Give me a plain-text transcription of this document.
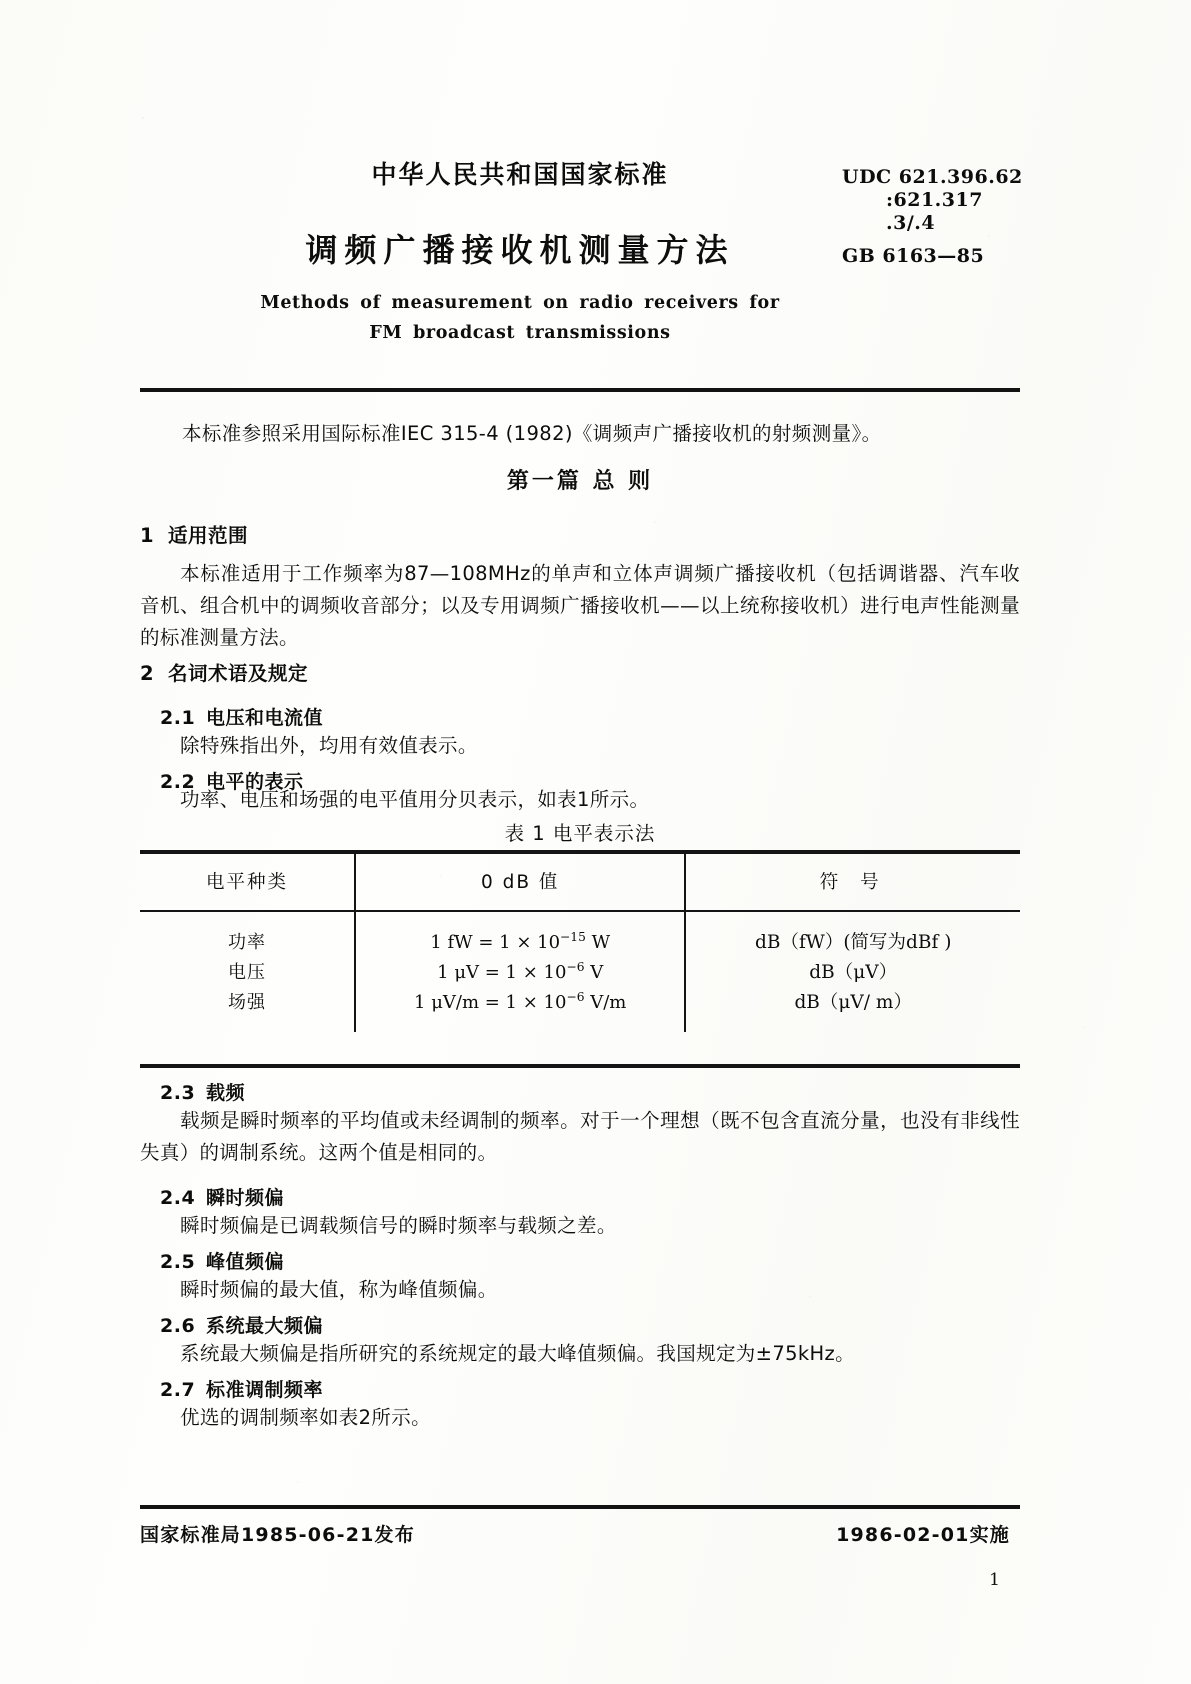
中华人民共和国国家标准
调频广播接收机测量方法
Methods of measurement on radio receivers for
FM broadcast transmissions
UDC 621.396.62
:621.317
.3/.4
GB 6163—85
本标准参照采用国际标准IEC 315-4 (1982)《调频声广播接收机的射频测量》。
第一篇 总 则
1 适用范围
本标准适用于工作频率为87—108MHz的单声和立体声调频广播接收机（包括调谐器、汽车收音机、组合机中的调频收音部分；以及专用调频广播接收机——以上统称接收机）进行电声性能测量的标准测量方法。
2 名词术语及规定
2.1 电压和电流值
除特殊指出外，均用有效值表示。
2.2 电平的表示
功率、电压和场强的电平值用分贝表示，如表1所示。
表 1 电平表示法
电平种类	0 dB 值	符 号

功率	1 fW = $1 \times 10^{-15}$ W	dB（fW）(简写为dBf )
电压	1 $\mu V = 1 \times 10^{-6}$ V	dB（μV）
场强	1 $\mu V/m = 1 \times 10^{-6}$ V/m	dB（μV/ m）

2.3 载频
载频是瞬时频率的平均值或未经调制的频率。对于一个理想（既不包含直流分量，也没有非线性失真）的调制系统。这两个值是相同的。
2.4 瞬时频偏
瞬时频偏是已调载频信号的瞬时频率与载频之差。
2.5 峰值频偏
瞬时频偏的最大值，称为峰值频偏。
2.6 系统最大频偏
系统最大频偏是指所研究的系统规定的最大峰值频偏。我国规定为±75kHz。
2.7 标准调制频率
优选的调制频率如表2所示。
国家标准局1985-06-21发布	1986-02-01实施
1
